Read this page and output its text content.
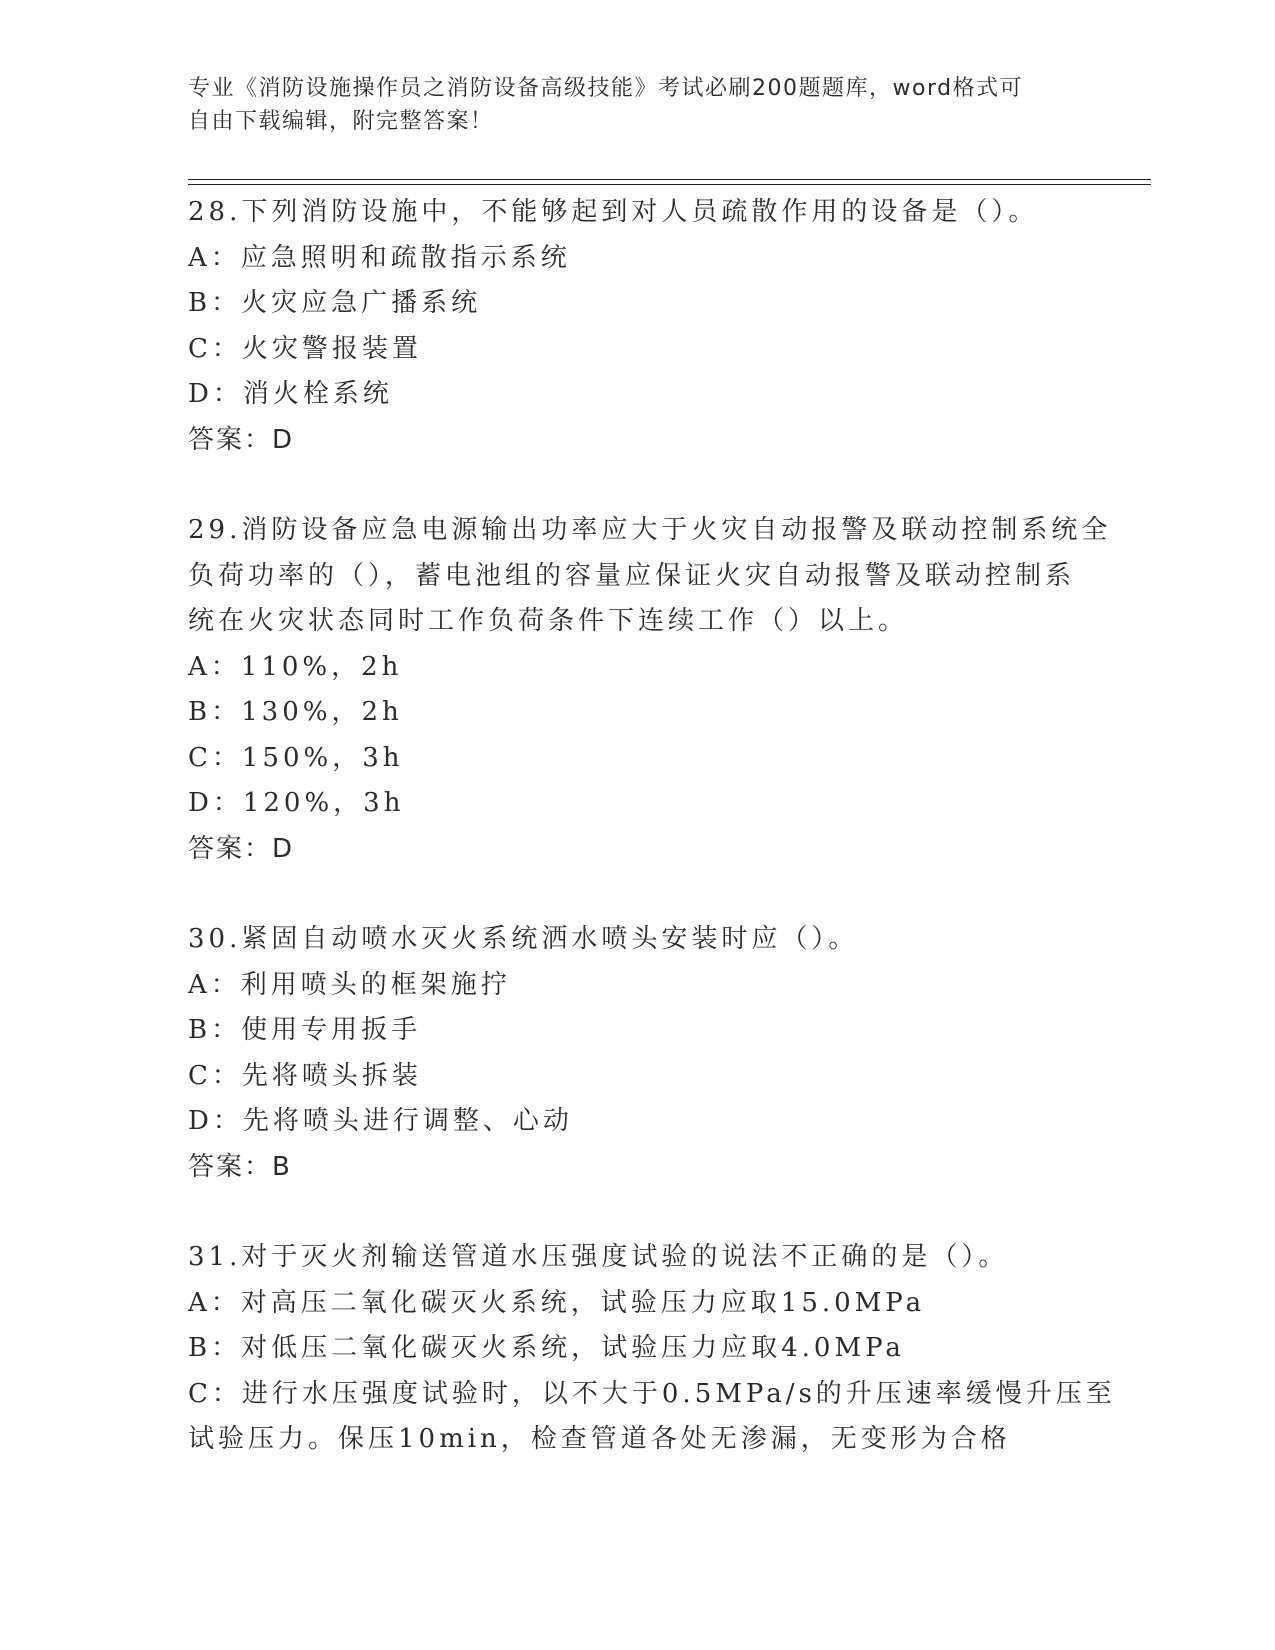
专业《消防设施操作员之消防设备高级技能》考试必刷200题题库，word格式可
自由下载编辑，附完整答案！
28.下列消防设施中，不能够起到对人员疏散作用的设备是（）。
A：应急照明和疏散指示系统
B：火灾应急广播系统
C：火灾警报装置
D：消火栓系统
答案：D
29.消防设备应急电源输出功率应大于火灾自动报警及联动控制系统全
负荷功率的（），蓄电池组的容量应保证火灾自动报警及联动控制系
统在火灾状态同时工作负荷条件下连续工作（）以上。
A：110%，2h
B：130%，2h
C：150%，3h
D：120%，3h
答案：D
30.紧固自动喷水灭火系统洒水喷头安装时应（）。
A：利用喷头的框架施拧
B：使用专用扳手
C：先将喷头拆装
D：先将喷头进行调整、心动
答案：B
31.对于灭火剂输送管道水压强度试验的说法不正确的是（）。
A：对高压二氧化碳灭火系统，试验压力应取15.0MPa
B：对低压二氧化碳灭火系统，试验压力应取4.0MPa
C：进行水压强度试验时，以不大于0.5MPa/s的升压速率缓慢升压至
试验压力。保压10min，检查管道各处无渗漏，无变形为合格
